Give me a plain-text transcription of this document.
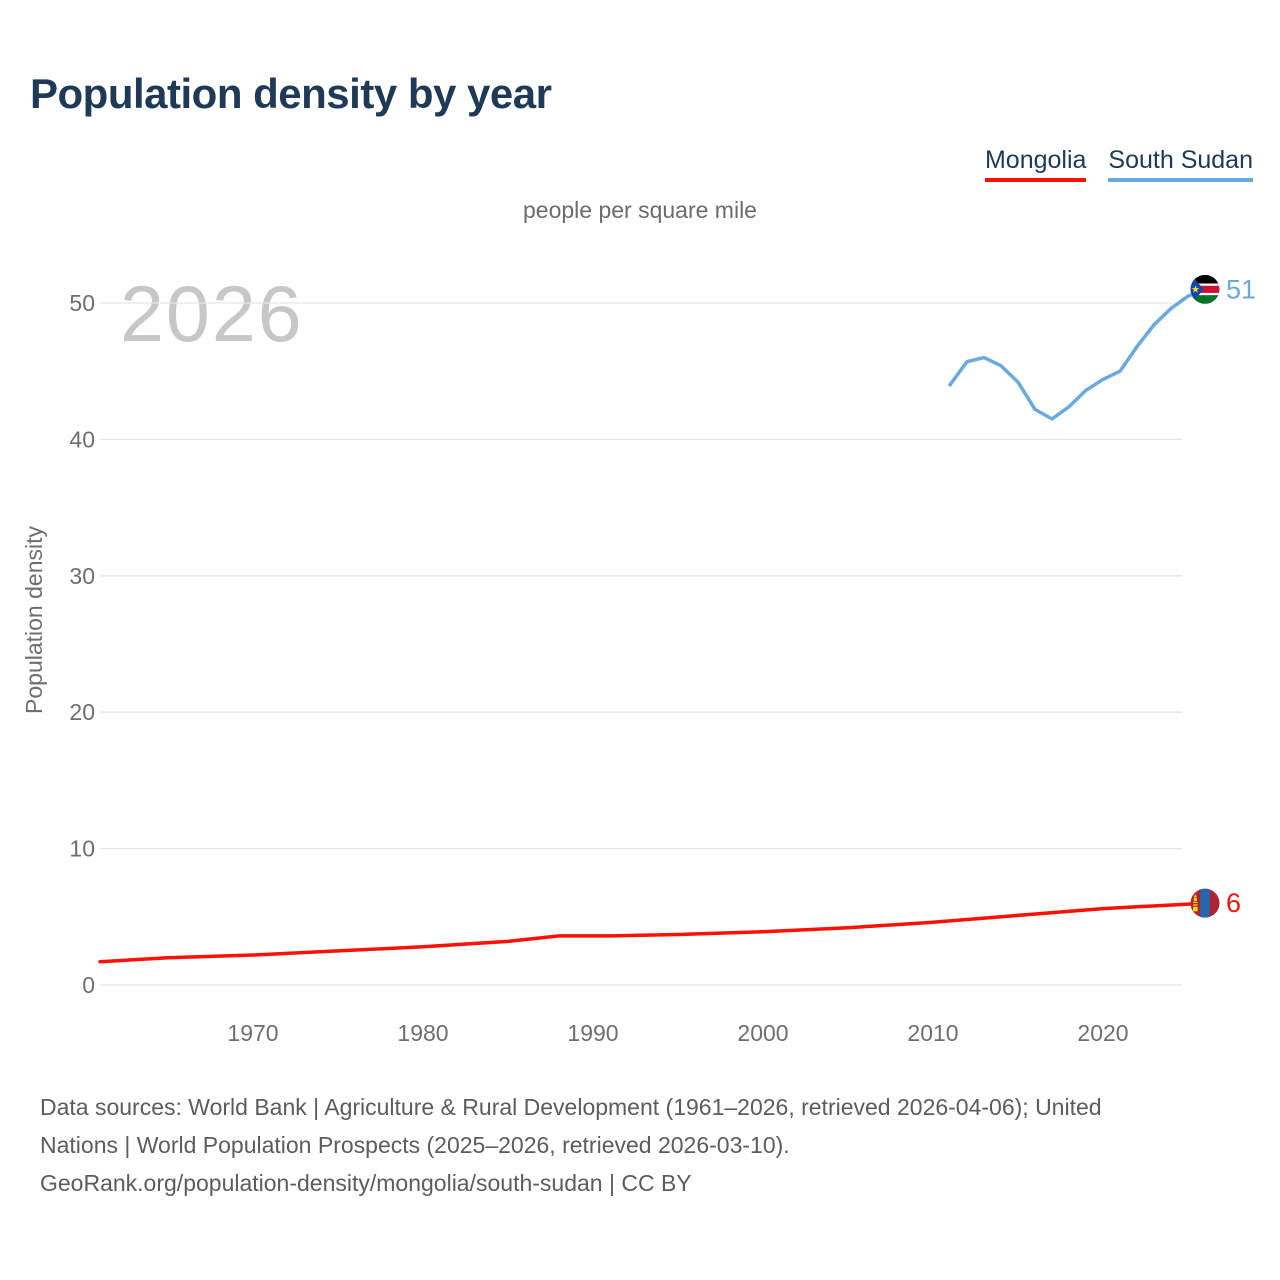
Population density by year
Mongolia South Sudan
people per square mile
2026
0
10
20
30
40
50
1970	1980	1990	2000	2010	2020
Population density
6
51
Data sources: World Bank | Agriculture & Rural Development (1961–2026, retrieved 2026-04-06); United
Nations | World Population Prospects (2025–2026, retrieved 2026-03-10).
GeoRank.org/population-density/mongolia/south-sudan | CC BY
